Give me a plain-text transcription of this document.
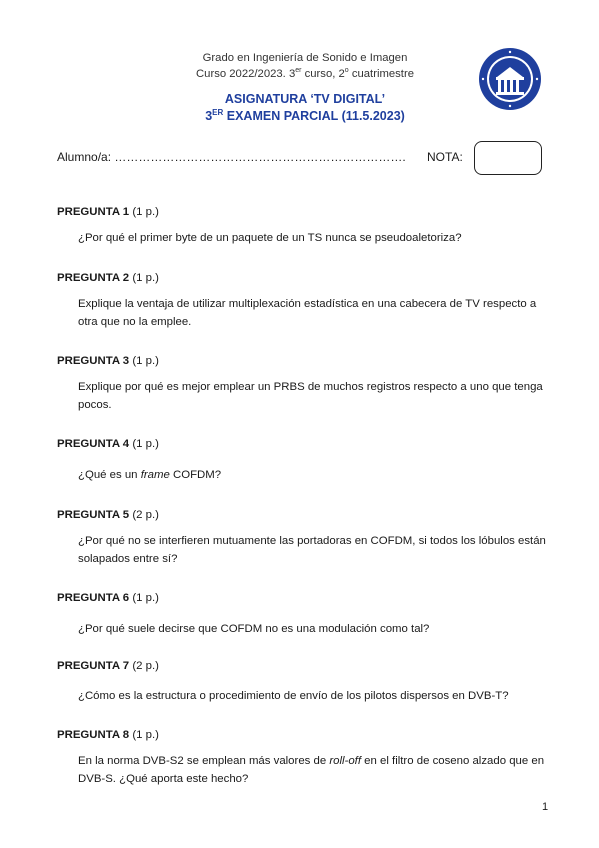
Grado en Ingeniería de Sonido e Imagen
Curso 2022/2023. 3er curso, 2$^o$ cuatrimestre
ASIGNATURA ‘TV DIGITAL’
3ER EXAMEN PARCIAL (11.5.2023)
Alumno/a: ………………………………………………………………. NOTA:
PREGUNTA 1 (1 p.)
¿Por qué el primer byte de un paquete de un TS nunca se pseudoaletoriza?
PREGUNTA 2 (1 p.)
Explique la ventaja de utilizar multiplexación estadística en una cabecera de TV respecto a otra que no la emplee.
PREGUNTA 3 (1 p.)
Explique por qué es mejor emplear un PRBS de muchos registros respecto a uno que tenga pocos.
PREGUNTA 4 (1 p.)
¿Qué es un frame COFDM?
PREGUNTA 5 (2 p.)
¿Por qué no se interfieren mutuamente las portadoras en COFDM, si todos los lóbulos están solapados entre sí?
PREGUNTA 6 (1 p.)
¿Por qué suele decirse que COFDM no es una modulación como tal?
PREGUNTA 7 (2 p.)
¿Cómo es la estructura o procedimiento de envío de los pilotos dispersos en DVB-T?
PREGUNTA 8 (1 p.)
En la norma DVB-S2 se emplean más valores de roll-off en el filtro de coseno alzado que en DVB-S. ¿Qué aporta este hecho?
1
